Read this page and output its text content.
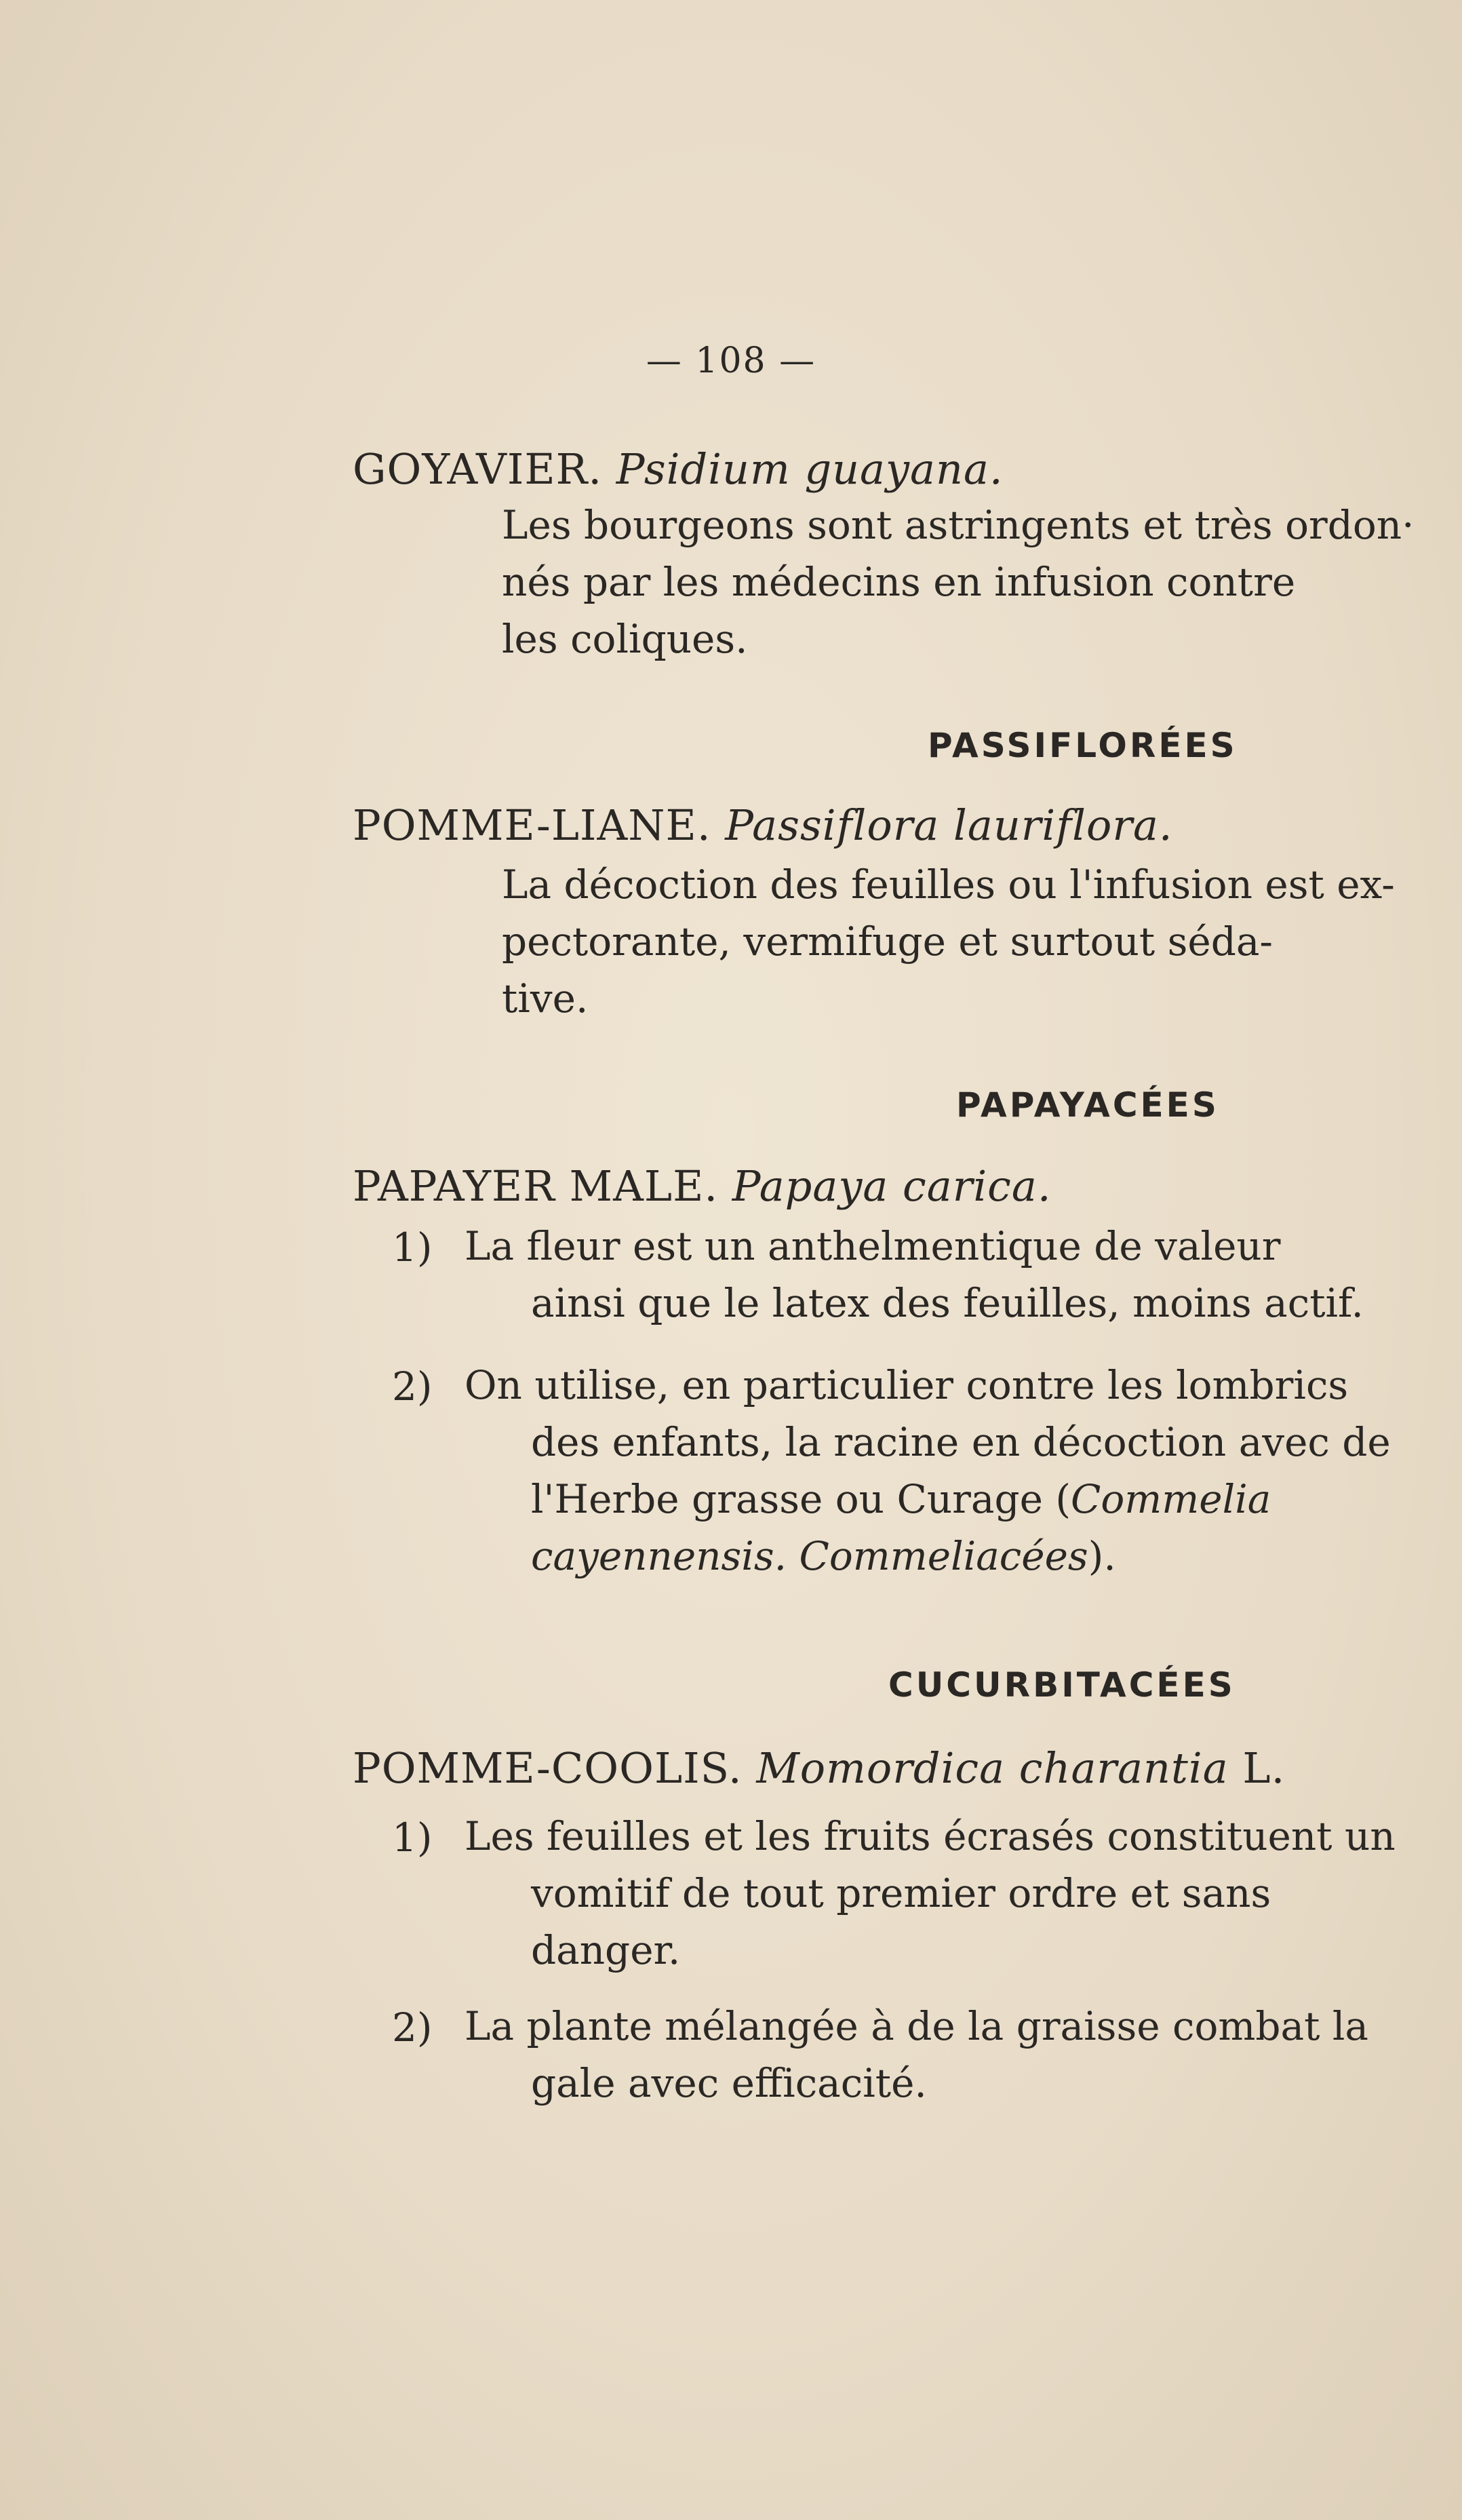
— 108 —
GOYAVIER. Psidium guayana.
Les bourgeons sont astringents et très ordon·
nés par les médecins en infusion contre
les coliques.
PASSIFLORÉES
POMME-LIANE. Passiflora lauriflora.
La décoction des feuilles ou l'infusion est ex-
pectorante, vermifuge et surtout séda-
tive.
PAPAYACÉES
PAPAYER MALE. Papaya carica.
1) La fleur est un anthelmentique de valeur
ainsi que le latex des feuilles, moins actif.
2) On utilise, en particulier contre les lombrics
des enfants, la racine en décoction avec de
l'Herbe grasse ou Curage (Commelia
cayennensis. Commeliacées).
CUCURBITACÉES
POMME-COOLIS. Momordica charantia L.
1) Les feuilles et les fruits écrasés constituent un
vomitif de tout premier ordre et sans
danger.
2) La plante mélangée à de la graisse combat la
gale avec efficacité.
